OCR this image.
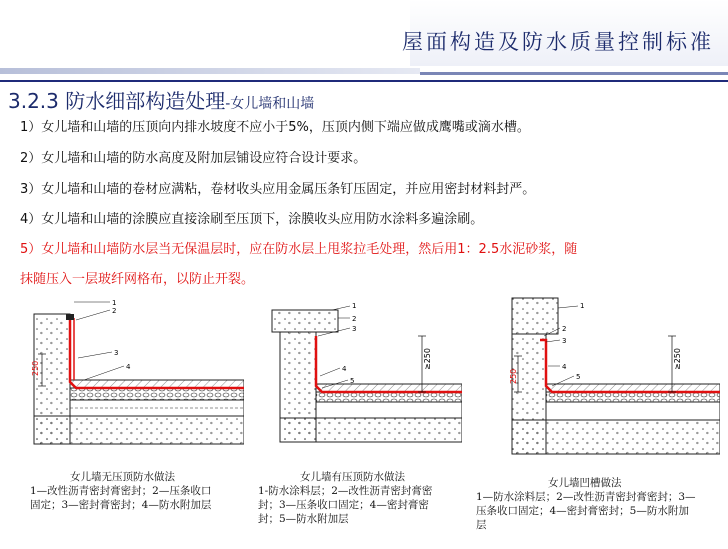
屋面构造及防水质量控制标准
3.2.3 防水细部构造处理-女儿墙和山墙
1）女儿墙和山墙的压顶向内排水坡度不应小于5%，压顶内侧下端应做成鹰嘴或滴水槽。
2）女儿墙和山墙的防水高度及附加层铺设应符合设计要求。
3）女儿墙和山墙的卷材应满粘，卷材收头应用金属压条钉压固定，并应用密封材料封严。
4）女儿墙和山墙的涂膜应直接涂刷至压顶下，涂膜收头应用防水涂料多遍涂刷。
5）女儿墙和山墙防水层当无保温层时，应在防水层上甩浆拉毛处理，然后用1：2.5水泥砂浆，随
抹随压入一层玻纤网格布，以防止开裂。
250
1
2
3
4
女儿墙无压顶防水做法
1—改性沥青密封膏密封；2—压条收口
固定；3—密封膏密封；4—防水附加层
≥250
1
2
3
4
5
女儿墙有压顶防水做法
1-防水涂料层；2—改性沥青密封膏密
封；3—压条收口固定；4—密封膏密
封；5—防水附加层
≥250
250
1
2
3
4
5
女儿墙凹槽做法
1—防水涂料层；2—改性沥青密封膏密封；3—
压条收口固定；4—密封膏密封；5—防水附加
层
